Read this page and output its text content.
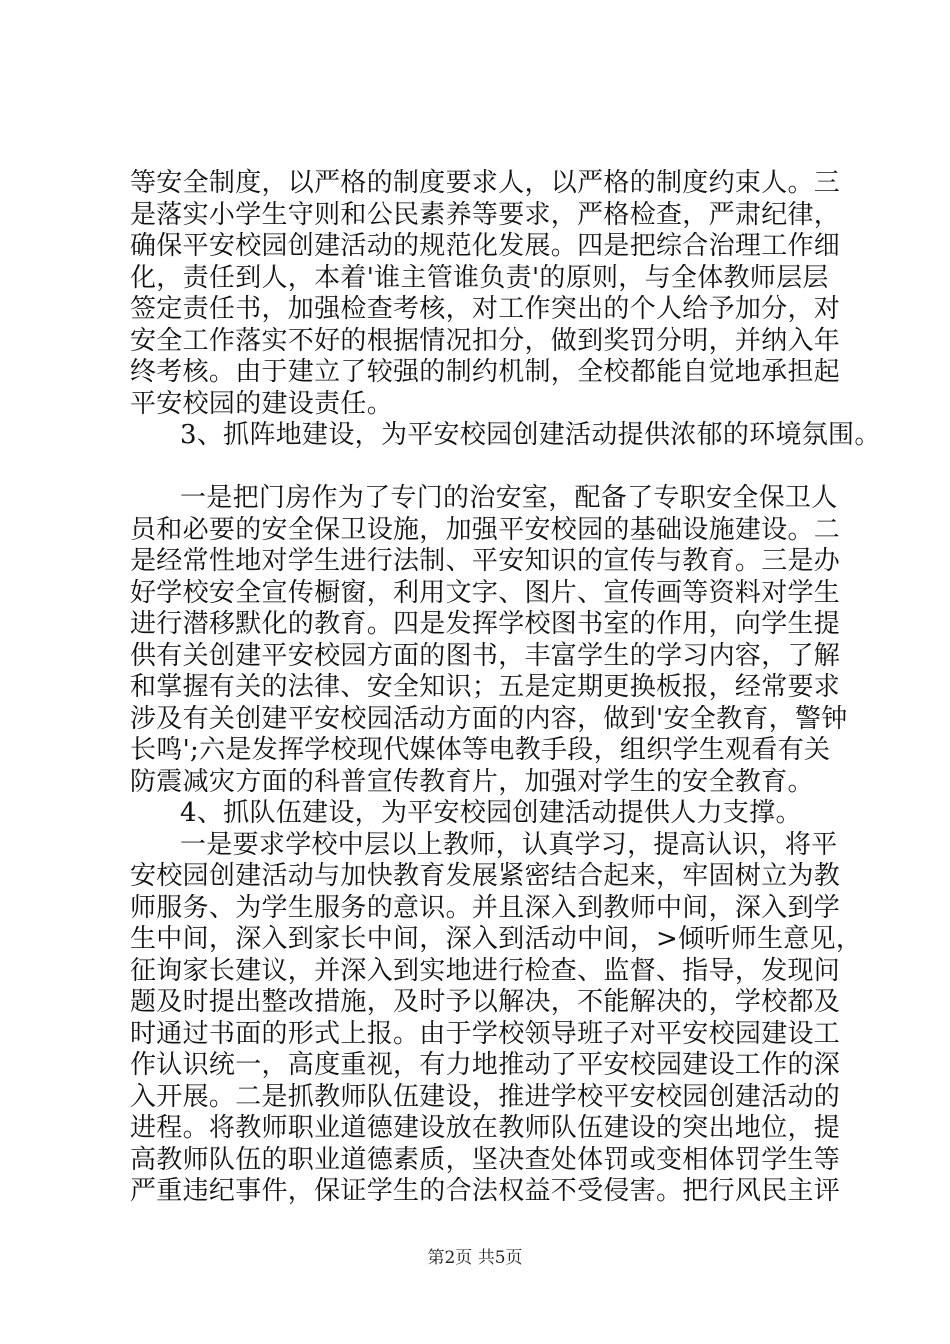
等安全制度，以严格的制度要求人，以严格的制度约束人。三
是落实小学生守则和公民素养等要求，严格检查，严肃纪律，
确保平安校园创建活动的规范化发展。四是把综合治理工作细
化，责任到人，本着'谁主管谁负责'的原则，与全体教师层层
签定责任书，加强检查考核，对工作突出的个人给予加分，对
安全工作落实不好的根据情况扣分，做到奖罚分明，并纳入年
终考核。由于建立了较强的制约机制，全校都能自觉地承担起
平安校园的建设责任。
3、抓阵地建设，为平安校园创建活动提供浓郁的环境氛围。
一是把门房作为了专门的治安室，配备了专职安全保卫人
员和必要的安全保卫设施，加强平安校园的基础设施建设。二
是经常性地对学生进行法制、平安知识的宣传与教育。三是办
好学校安全宣传橱窗，利用文字、图片、宣传画等资料对学生
进行潜移默化的教育。四是发挥学校图书室的作用，向学生提
供有关创建平安校园方面的图书，丰富学生的学习内容，了解
和掌握有关的法律、安全知识；五是定期更换板报，经常要求
涉及有关创建平安校园活动方面的内容，做到'安全教育，警钟
长鸣';六是发挥学校现代媒体等电教手段，组织学生观看有关
防震减灾方面的科普宣传教育片，加强对学生的安全教育。
4、抓队伍建设，为平安校园创建活动提供人力支撑。
一是要求学校中层以上教师，认真学习，提高认识，将平
安校园创建活动与加快教育发展紧密结合起来，牢固树立为教
师服务、为学生服务的意识。并且深入到教师中间，深入到学
生中间，深入到家长中间，深入到活动中间，>倾听师生意见，
征询家长建议，并深入到实地进行检查、监督、指导，发现问
题及时提出整改措施，及时予以解决，不能解决的，学校都及
时通过书面的形式上报。由于学校领导班子对平安校园建设工
作认识统一，高度重视，有力地推动了平安校园建设工作的深
入开展。二是抓教师队伍建设，推进学校平安校园创建活动的
进程。将教师职业道德建设放在教师队伍建设的突出地位，提
高教师队伍的职业道德素质，坚决查处体罚或变相体罚学生等
严重违纪事件，保证学生的合法权益不受侵害。把行风民主评
第2页 共5页
